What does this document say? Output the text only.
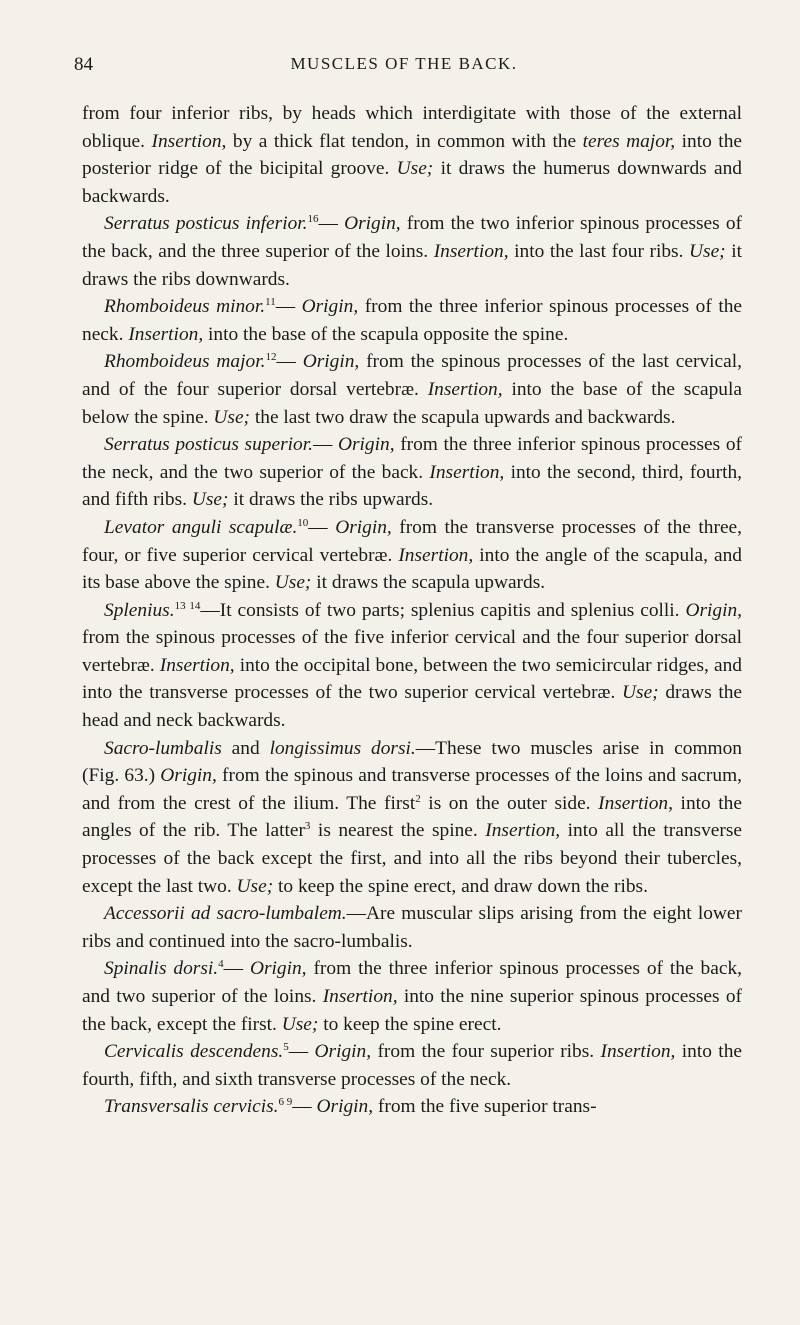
84	MUSCLES OF THE BACK.

from four inferior ribs, by heads which interdigitate with those of the external oblique. Insertion, by a thick flat tendon, in common with the teres major, into the posterior ridge of the bicipital groove. Use; it draws the humerus downwards and backwards.

Serratus posticus inferior.$^{16}$— Origin, from the two inferior spinous processes of the back, and the three superior of the loins. Insertion, into the last four ribs. Use; it draws the ribs downwards.

Rhomboideus minor.$^{11}$— Origin, from the three inferior spinous processes of the neck. Insertion, into the base of the scapula opposite the spine.

Rhomboideus major.$^{12}$— Origin, from the spinous processes of the last cervical, and of the four superior dorsal vertebræ. Insertion, into the base of the scapula below the spine. Use; the last two draw the scapula upwards and backwards.

Serratus posticus superior.— Origin, from the three inferior spinous processes of the neck, and the two superior of the back. Insertion, into the second, third, fourth, and fifth ribs. Use; it draws the ribs upwards.

Levator anguli scapulæ.$^{10}$— Origin, from the transverse processes of the three, four, or five superior cervical vertebræ. Insertion, into the angle of the scapula, and its base above the spine. Use; it draws the scapula upwards.

Splenius.$^{13 14}$—It consists of two parts; splenius capitis and splenius colli. Origin, from the spinous processes of the five inferior cervical and the four superior dorsal vertebræ. Insertion, into the occipital bone, between the two semicircular ridges, and into the transverse processes of the two superior cervical vertebræ. Use; draws the head and neck backwards.

Sacro-lumbalis and longissimus dorsi.—These two muscles arise in common (Fig. 63.) Origin, from the spinous and transverse processes of the loins and sacrum, and from the crest of the ilium. The first$^2$ is on the outer side. Insertion, into the angles of the rib. The latter$^3$ is nearest the spine. Insertion, into all the transverse processes of the back except the first, and into all the ribs beyond their tubercles, except the last two. Use; to keep the spine erect, and draw down the ribs.

Accessorii ad sacro-lumbalem.—Are muscular slips arising from the eight lower ribs and continued into the sacro-lumbalis.

Spinalis dorsi.$^4$— Origin, from the three inferior spinous processes of the back, and two superior of the loins. Insertion, into the nine superior spinous processes of the back, except the first. Use; to keep the spine erect.

Cervicalis descendens.$^5$— Origin, from the four superior ribs. Insertion, into the fourth, fifth, and sixth transverse processes of the neck.

Transversalis cervicis.$^{6 9}$— Origin, from the five superior trans-
